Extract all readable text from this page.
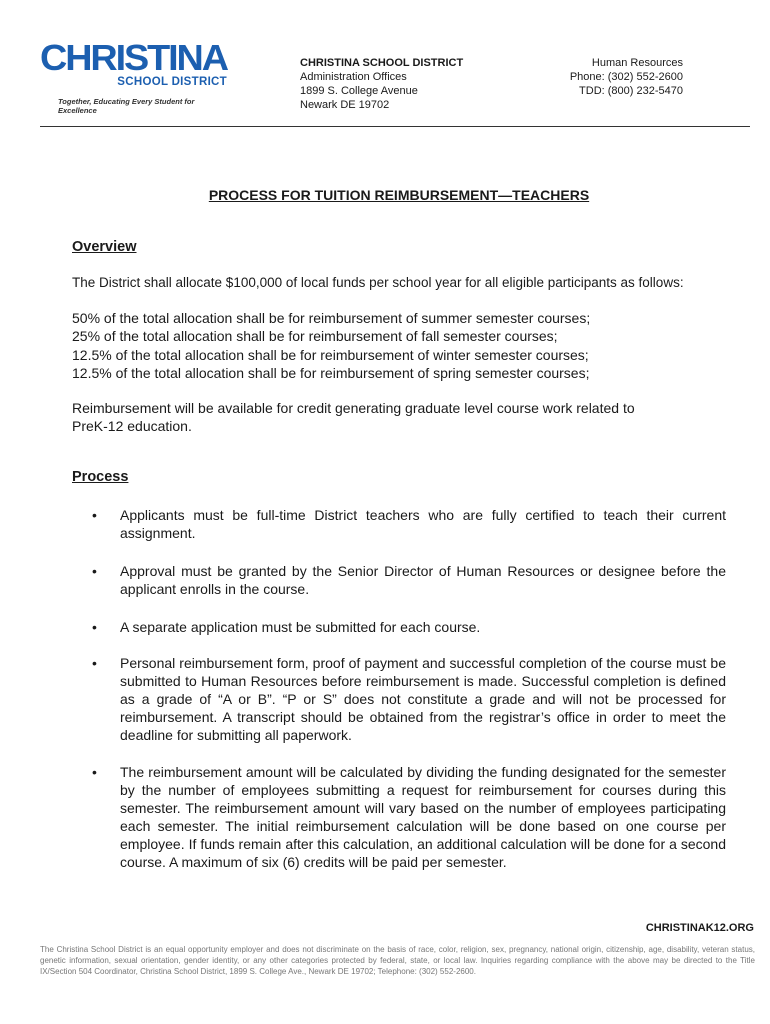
CHRISTINA
SCHOOL DISTRICT
Together, Educating Every Student for Excellence
CHRISTINA SCHOOL DISTRICT
Administration Offices
1899 S. College Avenue
Newark DE 19702
Human Resources
Phone: (302) 552-2600
TDD: (800) 232-5470
PROCESS FOR TUITION REIMBURSEMENT—TEACHERS
Overview
The District shall allocate $100,000 of local funds per school year for all eligible participants as follows:
50% of the total allocation shall be for reimbursement of summer semester courses;
25% of the total allocation shall be for reimbursement of fall semester courses;
12.5% of the total allocation shall be for reimbursement of winter semester courses;
12.5% of the total allocation shall be for reimbursement of spring semester courses;
Reimbursement will be available for credit generating graduate level course work related to PreK-12 education.
Process
•	Applicants must be full-time District teachers who are fully certified to teach their current assignment.
•	Approval must be granted by the Senior Director of Human Resources or designee before the applicant enrolls in the course.
•	A separate application must be submitted for each course.
•	Personal reimbursement form, proof of payment and successful completion of the course must be submitted to Human Resources before reimbursement is made. Successful completion is defined as a grade of “A or B”. “P or S” does not constitute a grade and will not be processed for reimbursement. A transcript should be obtained from the registrar’s office in order to meet the deadline for submitting all paperwork.
•	The reimbursement amount will be calculated by dividing the funding designated for the semester by the number of employees submitting a request for reimbursement for courses during this semester. The reimbursement amount will vary based on the number of employees participating each semester. The initial reimbursement calculation will be done based on one course per employee. If funds remain after this calculation, an additional calculation will be done for a second course. A maximum of six (6) credits will be paid per semester.
CHRISTINAK12.ORG
The Christina School District is an equal opportunity employer and does not discriminate on the basis of race, color, religion, sex, pregnancy, national origin, citizenship, age, disability, veteran status, genetic information, sexual orientation, gender identity, or any other categories protected by federal, state, or local law. Inquiries regarding compliance with the above may be directed to the Title IX/Section 504 Coordinator, Christina School District, 1899 S. College Ave., Newark DE 19702; Telephone: (302) 552-2600.
